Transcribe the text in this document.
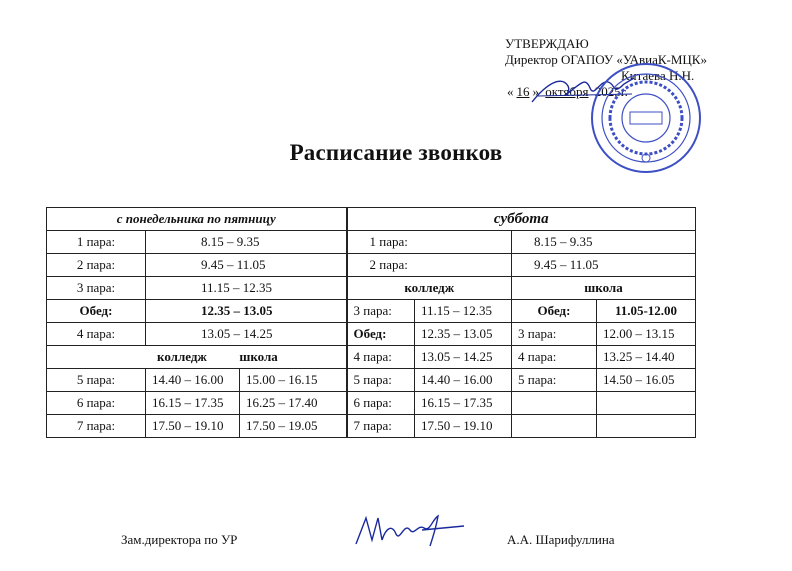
УТВЕРЖДАЮ
Директор ОГАПОУ «УАвиаК-МЦК»
Китаева Н.Н.
« 16 » октября 2025г.
Расписание звонков
с понедельника по пятницу			суббота			
1 пара:	8.15 – 9.35		1 пара:		8.15 – 9.35	
2 пара:	9.45 – 11.05		2 пара:		9.45 – 11.05	
3 пара:	11.15 – 12.35		колледж		школа	
Обед:	12.35 – 13.05		3 пара:	11.15 – 12.35	Обед:	11.05-12.00
4 пара:	13.05 – 14.25		Обед:	12.35 – 13.05	3 пара:	12.00 – 13.15
колледж школа			4 пара:	13.05 – 14.25	4 пара:	13.25 – 14.40
5 пара:	14.40 – 16.00	15.00 – 16.15	5 пара:	14.40 – 16.00	5 пара:	14.50 – 16.05
6 пара:	16.15 – 17.35	16.25 – 17.40	6 пара:	16.15 – 17.35		
7 пара:	17.50 – 19.10	17.50 – 19.05	7 пара:	17.50 – 19.10		
Зам.директора по УР	А.А. Шарифуллина
